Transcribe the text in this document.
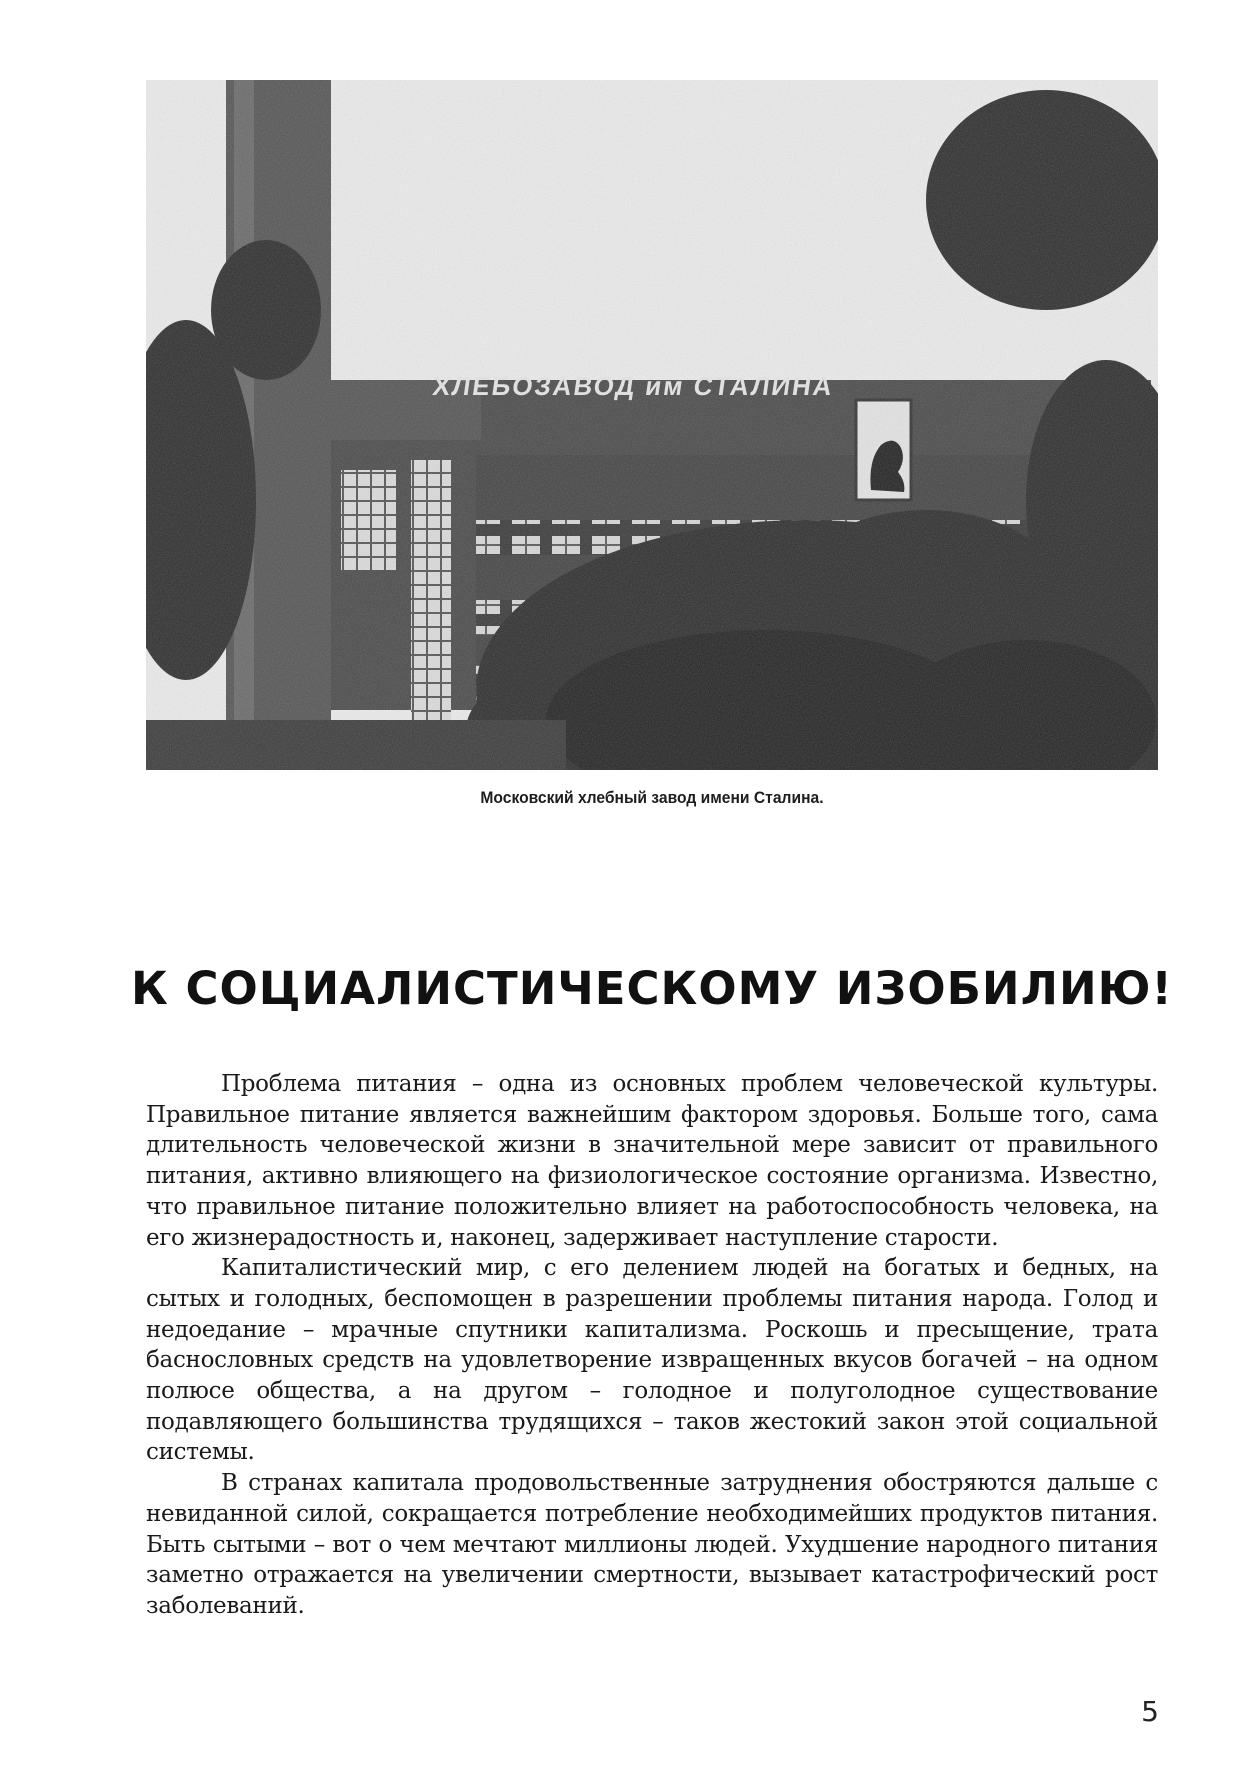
Московский хлебный завод имени Сталина.
К СОЦИАЛИСТИЧЕСКОМУ ИЗОБИЛИЮ!

Проблема питания – одна из основных проблем человеческой культуры. Правильное питание является важнейшим фактором здоровья. Больше того, сама длительность человеческой жизни в значительной мере зависит от правильного питания, активно влияющего на физиологическое состояние организма. Известно, что правильное питание положительно влияет на работоспособность человека, на его жизнерадостность и, наконец, задерживает наступление старости.

Капиталистический мир, с его делением людей на богатых и бедных, на сытых и голодных, беспомощен в разрешении проблемы питания народа. Голод и недоедание – мрачные спутники капитализма. Роскошь и пресыщение, трата баснословных средств на удовлетворение извращенных вкусов богачей – на одном полюсе общества, а на другом – голодное и полуголодное существование подавляющего большинства трудящихся – таков жестокий закон этой социальной системы.

В странах капитала продовольственные затруднения обостряются дальше с невиданной силой, сокращается потребление необходимейших продуктов питания. Быть сытыми – вот о чем мечтают миллионы людей. Ухудшение народного питания заметно отражается на увеличении смертности, вызывает катастрофический рост заболеваний.

5
